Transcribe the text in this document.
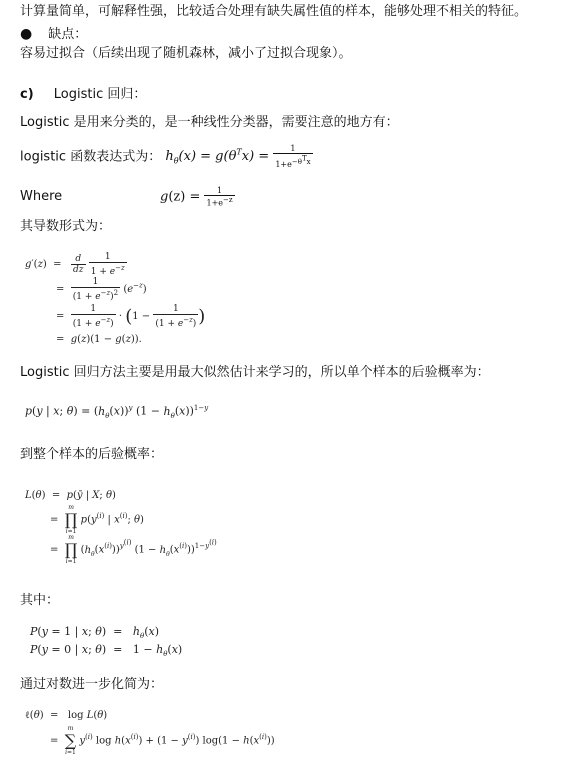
计算量简单，可解释性强，比较适合处理有缺失属性值的样本，能够处理不相关的特征。
● 缺点：
容易过拟合（后续出现了随机森林，减小了过拟合现象）。
c) Logistic 回归：
Logistic 是用来分类的，是一种线性分类器，需要注意的地方有：
logistic 函数表达式为： $h_\theta(x) = g(\theta^Tx) = \frac{1}{1+e^{-\theta^Tx}}$
Where	$g(z) = \frac{1}{1+e^{-z}}$
其导数形式为：
$g'(z) = \frac{d}{dz}$
$\frac{1}{1 + e^{-z}}$
= $\frac{1}{(1 + e^{-z})^2} (e^{-z})$
= $\frac{1}{(1 + e^{-z})} \cdot (1 - \frac{1}{(1 + e^{-z})}$ )
=  g(z)(1 − g(z)).
Logistic 回归方法主要是用最大似然估计来学习的，所以单个样本的后验概率为：
p(y | x; $\theta) = (h_\theta(x))^y$ $(1 - h_\theta(x))^{1-y}$
到整个样本的后验概率：
L(θ)  =  p(ȳ | X; θ)
=
m
∏
i=1
$p(y^{(i)}$ | $x^{(i)}$; θ)
=
m
∏
i=1
$(h_\theta(x^{(i)}))^{y^{(i)}}$ $(1 - h_\theta(x^{(i)}))^{1-y^{(i)}}$
其中：
P(y = 1 | x; $\theta) = h_\theta(x)$
P(y = 0 | x; $\theta) = 1 - h_\theta(x)$
通过对数进一步化简为：
ℓ(θ)  =   log L(θ)
=
m
∑
i=1
$y^{(i)}$ $\log h(x^{(i)}) + (1 - y^{(i)}) \log(1 - h(x^{(i)}))$
